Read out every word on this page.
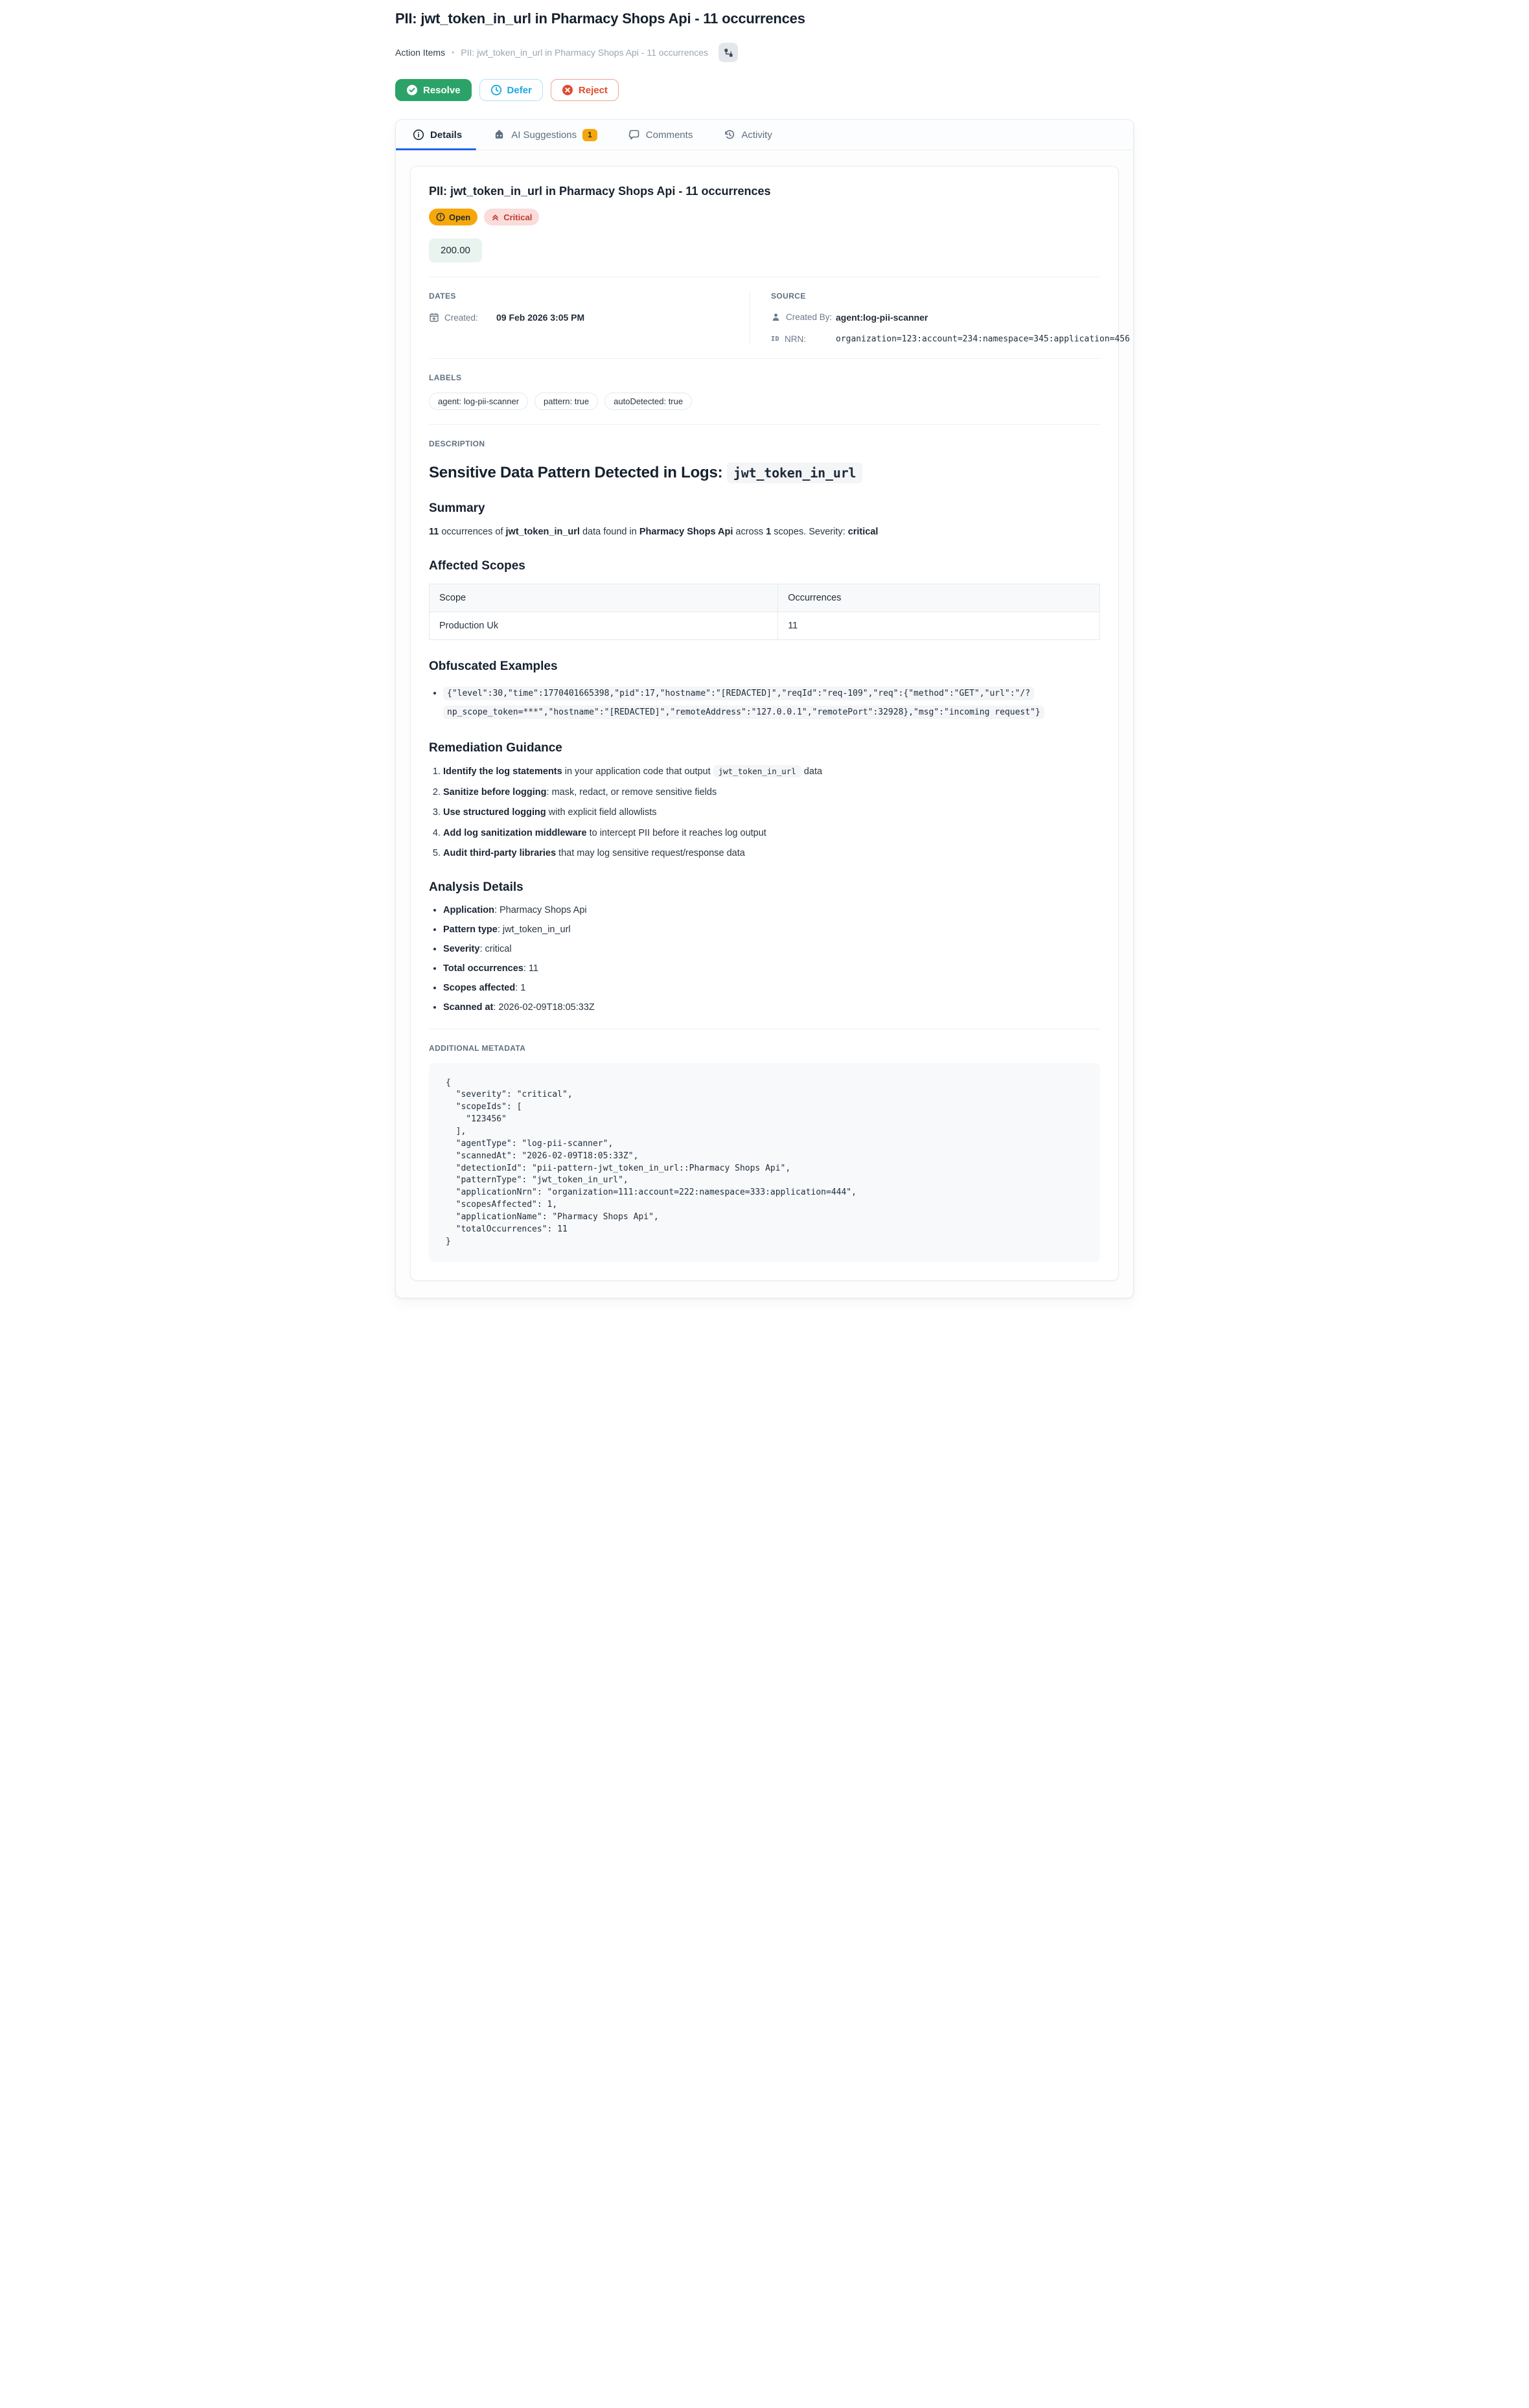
PII: jwt_token_in_url in Pharmacy Shops Api - 11 occurrences
Action Items • PII: jwt_token_in_url in Pharmacy Shops Api - 11 occurrences
Resolve	Defer	Reject
Details	AI Suggestions	1	Comments	Activity
PII: jwt_token_in_url in Pharmacy Shops Api - 11 occurrences
Open	Critical
200.00
DATES
Created: 09 Feb 2026 3:05 PM
SOURCE
Created By: agent:log-pii-scanner
ID NRN:	organization=123:account=234:namespace=345:application=456
LABELS
agent: log-pii-scanner	pattern: true	autoDetected: true
DESCRIPTION
Sensitive Data Pattern Detected in Logs: jwt_token_in_url
Summary

11 occurrences of jwt_token_in_url data found in Pharmacy Shops Api across 1 scopes. Severity: critical

Affected Scopes
Scope	Occurrences
Production Uk	11
Obfuscated Examples
• {"level":30,"time":1770401665398,"pid":17,"hostname":"[REDACTED]","reqId":"req-109","req":{"method":"GET","url":"/?np_scope_token=***","hostname":"[REDACTED]","remoteAddress":"127.0.0.1","remotePort":32928},"msg":"incoming request"}
Remediation Guidance
1. Identify the log statements in your application code that output jwt_token_in_url data
2. Sanitize before logging: mask, redact, or remove sensitive fields
3. Use structured logging with explicit field allowlists
4. Add log sanitization middleware to intercept PII before it reaches log output
5. Audit third-party libraries that may log sensitive request/response data
Analysis Details
• Application: Pharmacy Shops Api
• Pattern type: jwt_token_in_url
• Severity: critical
• Total occurrences: 11
• Scopes affected: 1
• Scanned at: 2026-02-09T18:05:33Z
ADDITIONAL METADATA
{
"severity": "critical",
"scopeIds": [
"123456"
],
"agentType": "log-pii-scanner",
"scannedAt": "2026-02-09T18:05:33Z",
"detectionId": "pii-pattern-jwt_token_in_url::Pharmacy Shops Api",
"patternType": "jwt_token_in_url",
"applicationNrn": "organization=111:account=222:namespace=333:application=444",
"scopesAffected": 1,
"applicationName": "Pharmacy Shops Api",
"totalOccurrences": 11
}
